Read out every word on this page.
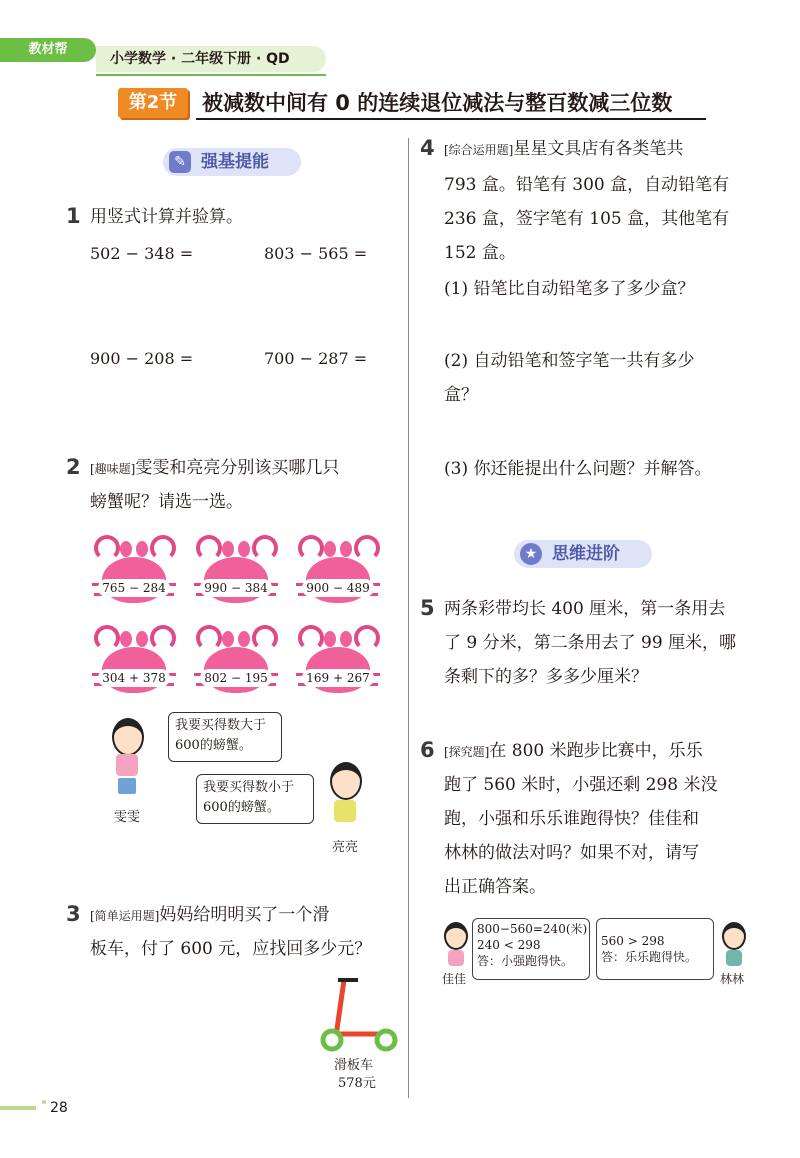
教材帮
小学数学 · 二年级下册 · QD
第2节	被减数中间有 0 的连续退位减法与整百数减三位数
✎ 强基提能
1 用竖式计算并验算。
502 − 348 =	803 − 565 =
900 − 208 =	700 − 287 =
2 [趣味题]雯雯和亮亮分别该买哪几只
螃蟹呢？请选一选。
765 − 284	990 − 384	900 − 489
304 + 378	802 − 195	169 + 267
我要买得数大于
600的螃蟹。
雯雯
我要买得数小于
600的螃蟹。
亮亮
3 [简单运用题]妈妈给明明买了一个滑
板车，付了 600 元，应找回多少元？
滑板车
578元
4 [综合运用题]星星文具店有各类笔共
793 盒。铅笔有 300 盒，自动铅笔有
236 盒，签字笔有 105 盒，其他笔有
152 盒。
(1) 铅笔比自动铅笔多了多少盒？
(2) 自动铅笔和签字笔一共有多少
盒？
(3) 你还能提出什么问题？并解答。
★ 思维进阶
5 两条彩带均长 400 厘米，第一条用去
了 9 分米，第二条用去了 99 厘米，哪
条剩下的多？多多少厘米？
6 [探究题]在 800 米跑步比赛中，乐乐
跑了 560 米时，小强还剩 298 米没
跑，小强和乐乐谁跑得快？佳佳和
林林的做法对吗？如果不对，请写
出正确答案。
佳佳
800−560=240(米)
240 < 298
答：小强跑得快。
560 > 298
答：乐乐跑得快。
林林
28
